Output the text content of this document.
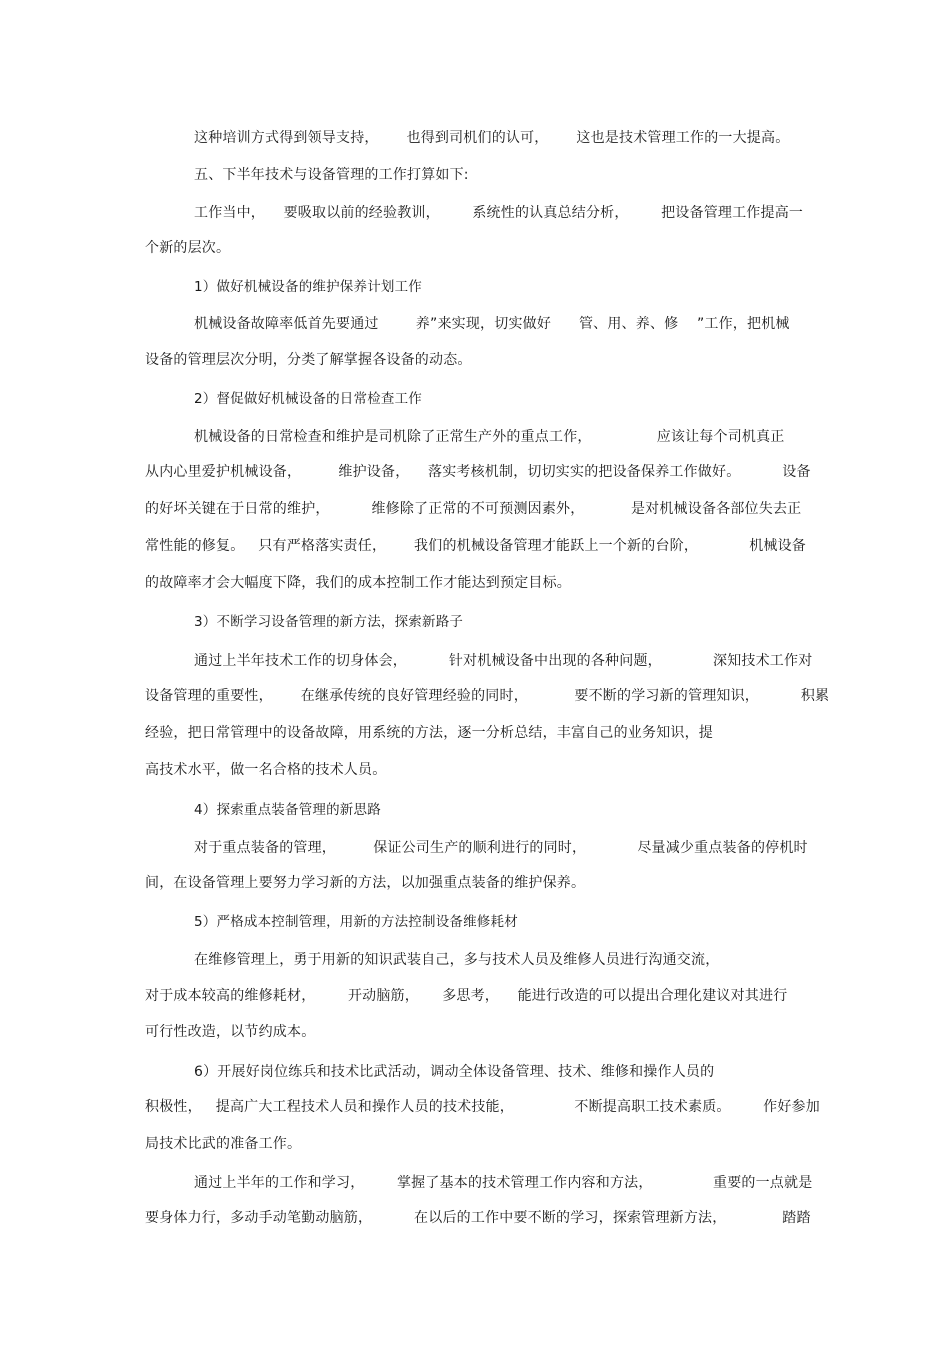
这种培训方式得到领导支持，      也得到司机们的认可，      这也是技术管理工作的一大提高。
五、下半年技术与设备管理的工作打算如下:
工作当中，    要吸取以前的经验教训，       系统性的认真总结分析，       把设备管理工作提高一
个新的层次。
1）做好机械设备的维护保养计划工作
机械设备故障率低首先要通过        养”来实现，切实做好      管、用、养、修    ”工作，把机械
设备的管理层次分明，分类了解掌握各设备的动态。
2）督促做好机械设备的日常检查工作
机械设备的日常检查和维护是司机除了正常生产外的重点工作，              应该让每个司机真正
从内心里爱护机械设备，        维护设备，    落实考核机制，切切实实的把设备保养工作做好。         设备
的好坏关键在于日常的维护，         维修除了正常的不可预测因素外，          是对机械设备各部位失去正
常性能的修复。   只有严格落实责任，      我们的机械设备管理才能跃上一个新的台阶，           机械设备
的故障率才会大幅度下降，我们的成本控制工作才能达到预定目标。
3）不断学习设备管理的新方法，探索新路子
通过上半年技术工作的切身体会，         针对机械设备中出现的各种问题，           深知技术工作对
设备管理的重要性，      在继承传统的良好管理经验的同时，          要不断的学习新的管理知识，         积累
经验，把日常管理中的设备故障，用系统的方法，逐一分析总结，丰富自己的业务知识，提
高技术水平，做一名合格的技术人员。
4）探索重点装备管理的新思路
对于重点装备的管理，        保证公司生产的顺利进行的同时，           尽量减少重点装备的停机时
间，在设备管理上要努力学习新的方法，以加强重点装备的维护保养。
5）严格成本控制管理，用新的方法控制设备维修耗材
在维修管理上，勇于用新的知识武装自己，多与技术人员及维修人员进行沟通交流，
对于成本较高的维修耗材，       开动脑筋，     多思考，    能进行改造的可以提出合理化建议对其进行
可行性改造，以节约成本。
6）开展好岗位练兵和技术比武活动，调动全体设备管理、技术、维修和操作人员的
积极性，   提高广大工程技术人员和操作人员的技术技能，             不断提高职工技术素质。       作好参加
局技术比武的准备工作。
通过上半年的工作和学习，       掌握了基本的技术管理工作内容和方法，             重要的一点就是
要身体力行，多动手动笔勤动脑筋，         在以后的工作中要不断的学习，探索管理新方法，            踏踏
